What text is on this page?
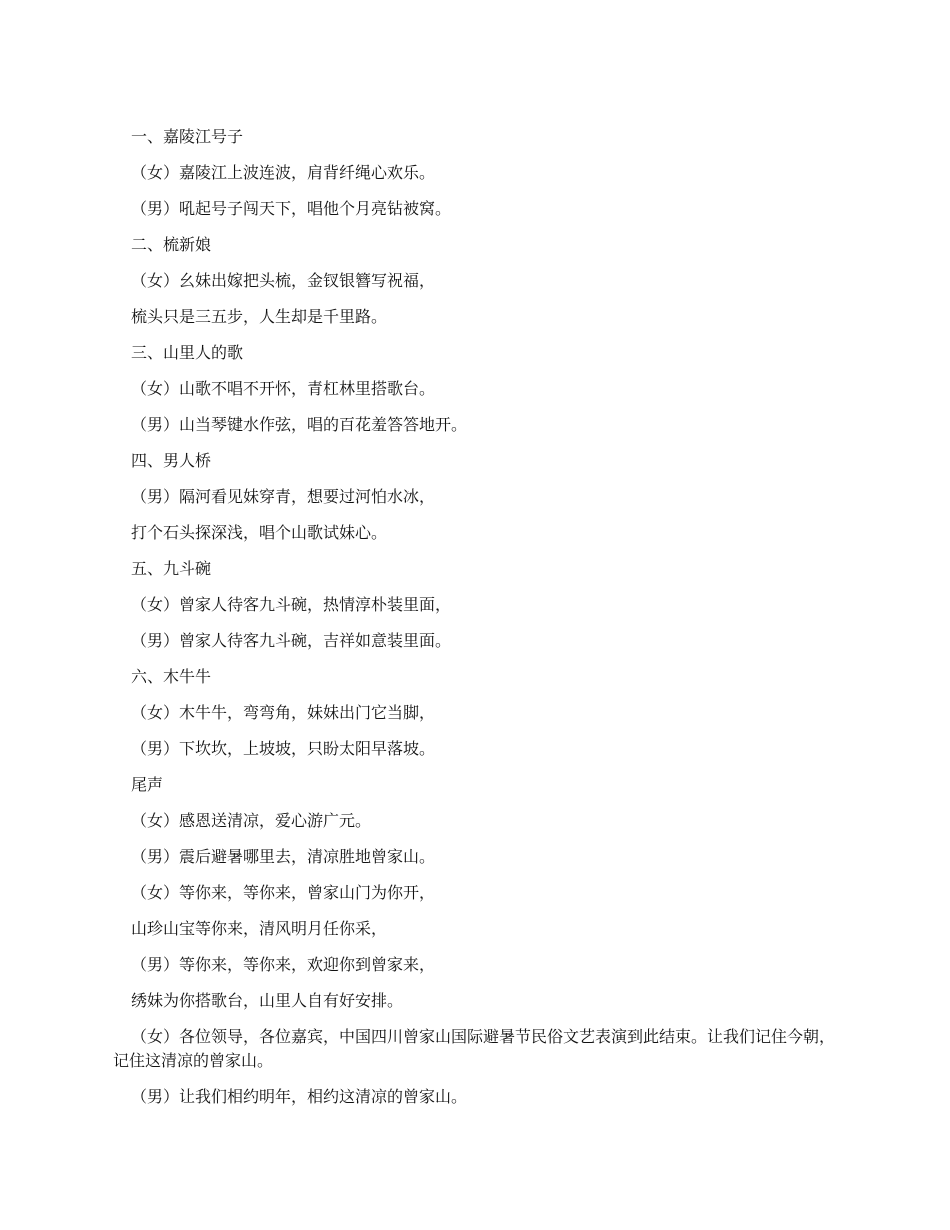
一、嘉陵江号子
（女）嘉陵江上波连波，肩背纤绳心欢乐。
（男）吼起号子闯天下，唱他个月亮钻被窝。
二、梳新娘
（女）幺妹出嫁把头梳，金钗银簪写祝福，
梳头只是三五步，人生却是千里路。
三、山里人的歌
（女）山歌不唱不开怀，青杠林里搭歌台。
（男）山当琴键水作弦，唱的百花羞答答地开。
四、男人桥
（男）隔河看见妹穿青，想要过河怕水冰，
打个石头探深浅，唱个山歌试妹心。
五、九斗碗
（女）曾家人待客九斗碗，热情淳朴装里面，
（男）曾家人待客九斗碗，吉祥如意装里面。
六、木牛牛
（女）木牛牛，弯弯角，妹妹出门它当脚，
（男）下坎坎，上坡坡，只盼太阳早落坡。
尾声
（女）感恩送清凉，爱心游广元。
（男）震后避暑哪里去，清凉胜地曾家山。
（女）等你来，等你来，曾家山门为你开，
山珍山宝等你来，清风明月任你采，
（男）等你来，等你来，欢迎你到曾家来，
绣妹为你搭歌台，山里人自有好安排。
（女）各位领导，各位嘉宾，中国四川曾家山国际避暑节民俗文艺表演到此结束。让我们记住今朝，记住这清凉的曾家山。
（男）让我们相约明年，相约这清凉的曾家山。
